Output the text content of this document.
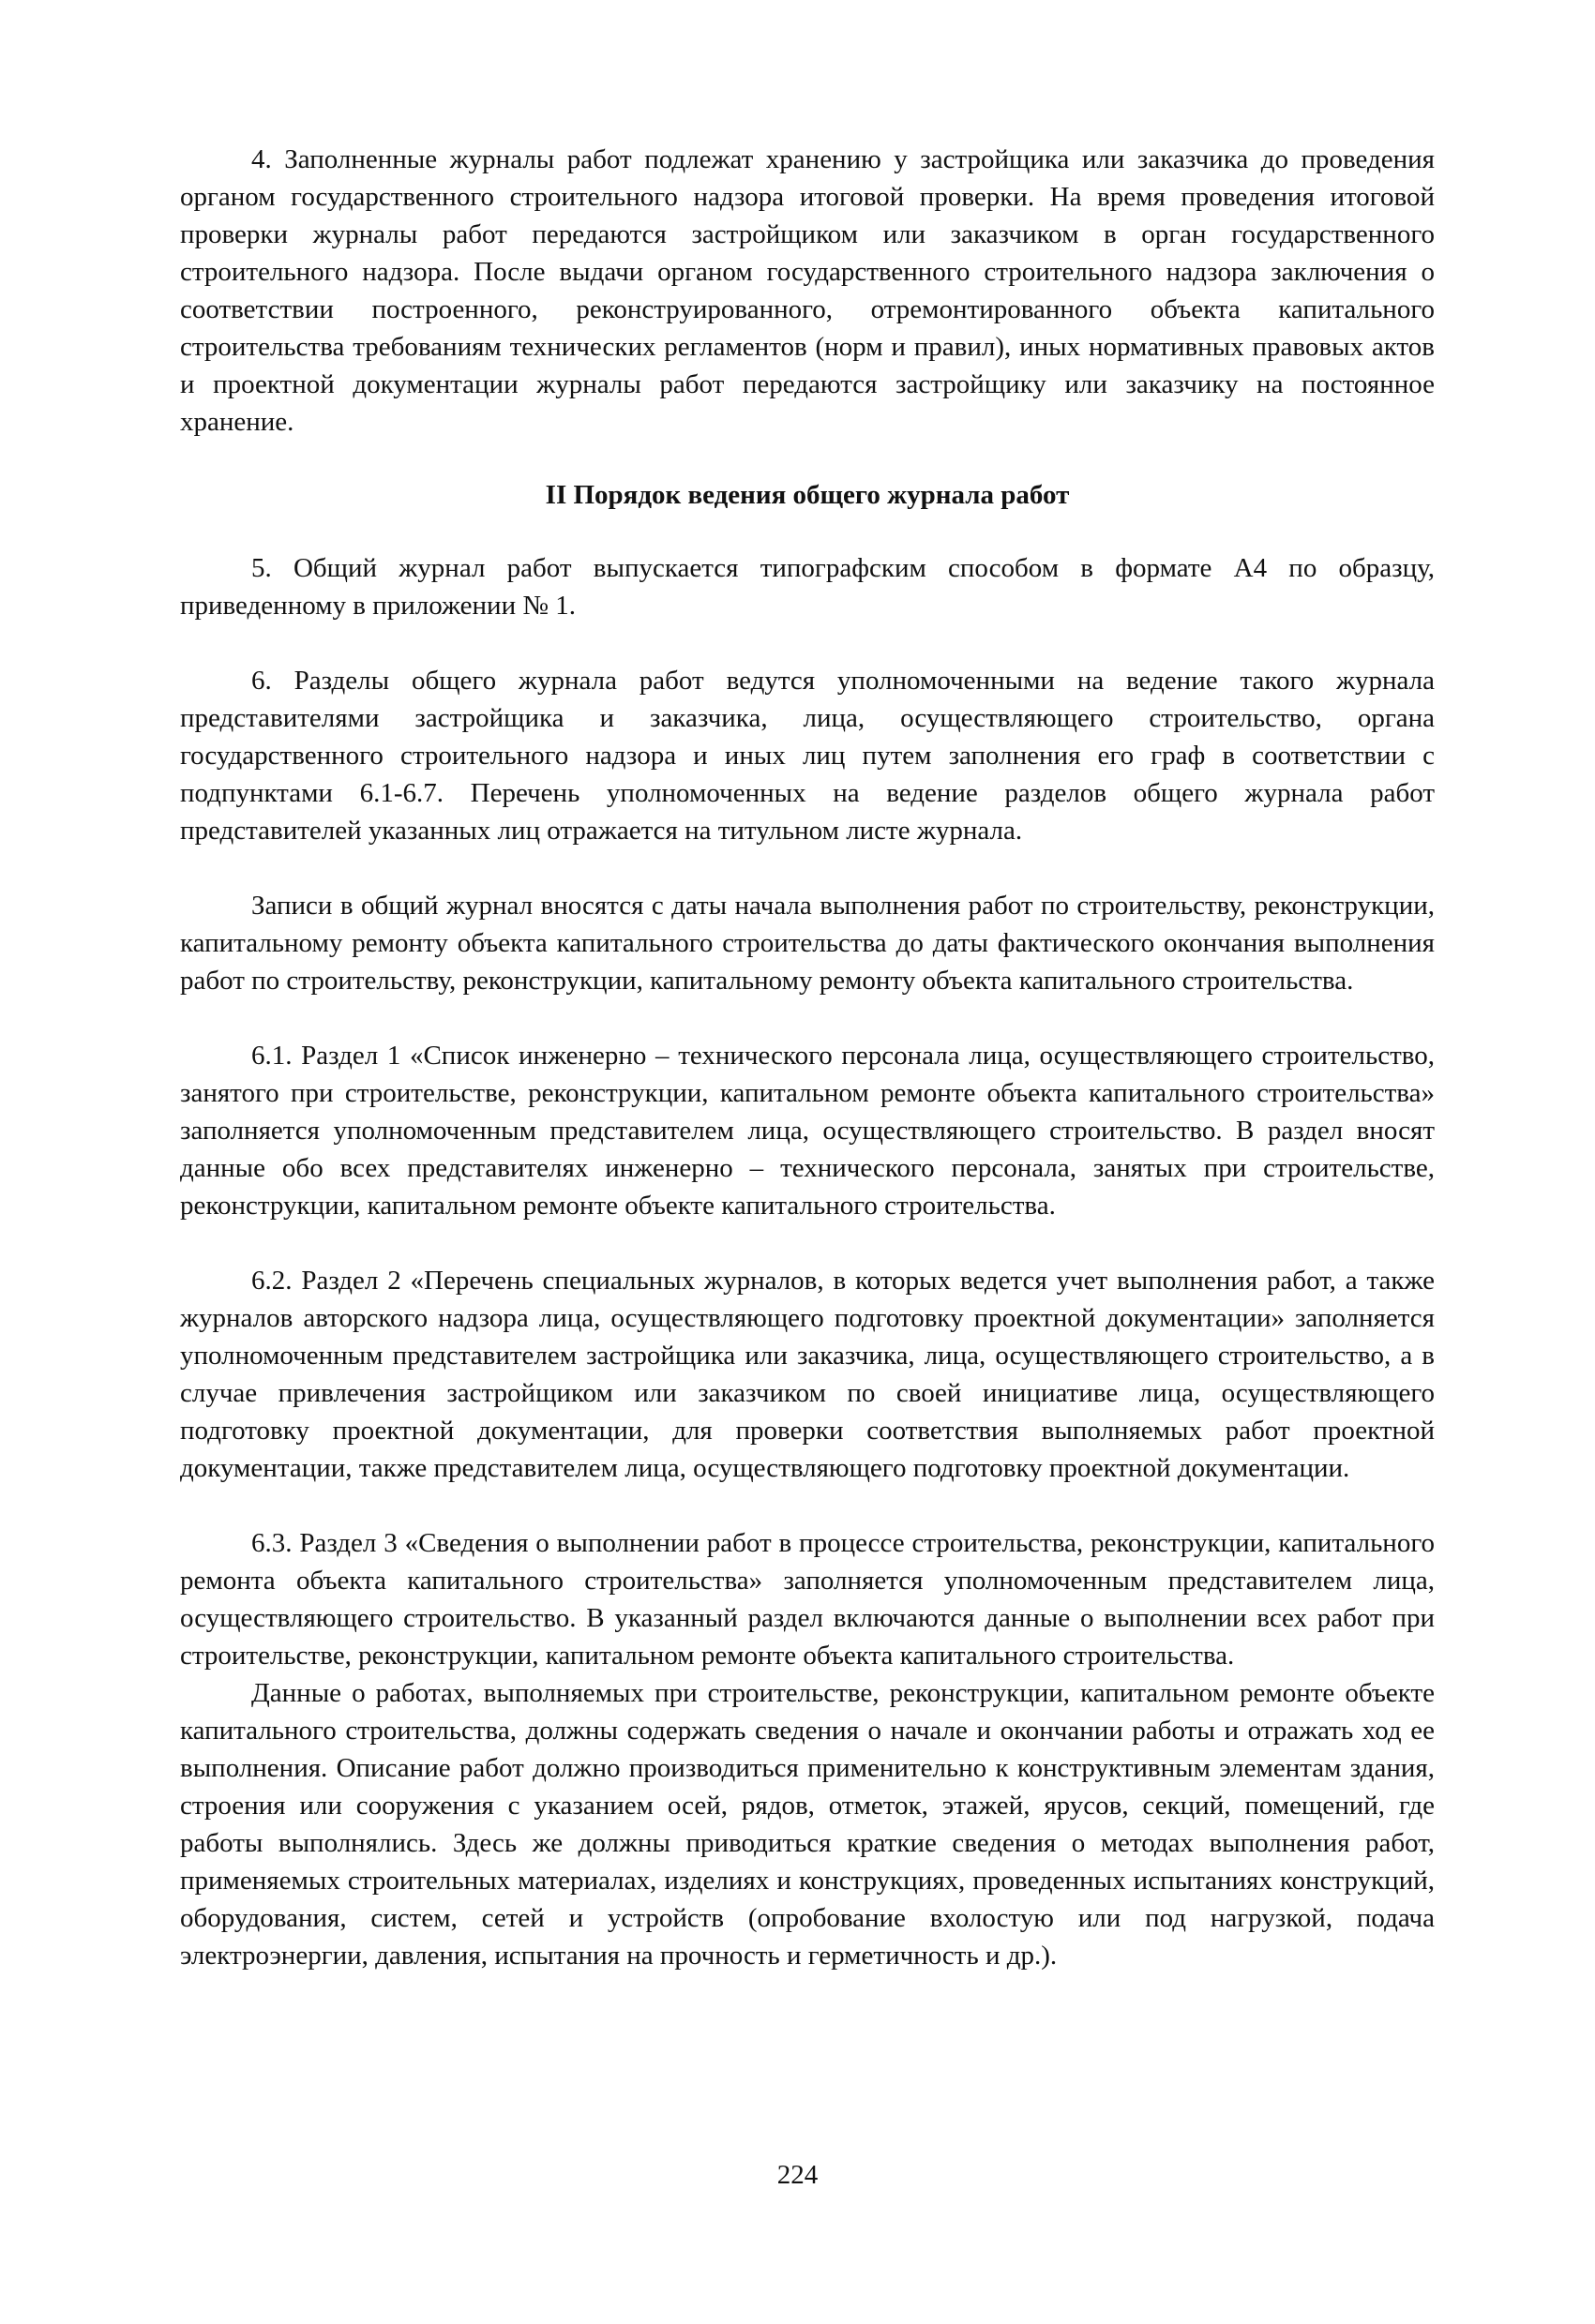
4. Заполненные журналы работ подлежат хранению у застройщика или заказчика до проведения органом государственного строительного надзора итоговой проверки. На время проведения итоговой проверки журналы работ передаются застройщиком или заказчиком в орган государственного строительного надзора. После выдачи органом государственного строительного надзора заключения о соответствии построенного, реконструированного, отремонтированного объекта капитального строительства требованиям технических регламентов (норм и правил), иных нормативных правовых актов и проектной документации журналы работ передаются застройщику или заказчику на постоянное хранение.

II Порядок ведения общего журнала работ

5. Общий журнал работ выпускается типографским способом в формате А4 по образцу, приведенному в приложении № 1.

6. Разделы общего журнала работ ведутся уполномоченными на ведение такого журнала представителями застройщика и заказчика, лица, осуществляющего строительство, органа государственного строительного надзора и иных лиц путем заполнения его граф в соответствии с подпунктами 6.1-6.7. Перечень уполномоченных на ведение разделов общего журнала работ представителей указанных лиц отражается на титульном листе журнала.

Записи в общий журнал вносятся с даты начала выполнения работ по строительству, реконструкции, капитальному ремонту объекта капитального строительства до даты фактического окончания выполнения работ по строительству, реконструкции, капитальному ремонту объекта капитального строительства.

6.1. Раздел 1 «Список инженерно – технического персонала лица, осуществляющего строительство, занятого при строительстве, реконструкции, капитальном ремонте объекта капитального строительства» заполняется уполномоченным представителем лица, осуществляющего строительство. В раздел вносят данные обо всех представителях инженерно – технического персонала, занятых при строительстве, реконструкции, капитальном ремонте объекте капитального строительства.

6.2. Раздел 2 «Перечень специальных журналов, в которых ведется учет выполнения работ, а также журналов авторского надзора лица, осуществляющего подготовку проектной документации» заполняется уполномоченным представителем застройщика или заказчика, лица, осуществляющего строительство, а в случае привлечения застройщиком или заказчиком по своей инициативе лица, осуществляющего подготовку проектной документации, для проверки соответствия выполняемых работ проектной документации, также представителем лица, осуществляющего подготовку проектной документации.

6.3. Раздел 3 «Сведения о выполнении работ в процессе строительства, реконструкции, капитального ремонта объекта капитального строительства» заполняется уполномоченным представителем лица, осуществляющего строительство. В указанный раздел включаются данные о выполнении всех работ при строительстве, реконструкции, капитальном ремонте объекта капитального строительства.

Данные о работах, выполняемых при строительстве, реконструкции, капитальном ремонте объекте капитального строительства, должны содержать сведения о начале и окончании работы и отражать ход ее выполнения. Описание работ должно производиться применительно к конструктивным элементам здания, строения или сооружения с указанием осей, рядов, отметок, этажей, ярусов, секций, помещений, где работы выполнялись. Здесь же должны приводиться краткие сведения о методах выполнения работ, применяемых строительных материалах, изделиях и конструкциях, проведенных испытаниях конструкций, оборудования, систем, сетей и устройств (опробование вхолостую или под нагрузкой, подача электроэнергии, давления, испытания на прочность и герметичность и др.).

224
